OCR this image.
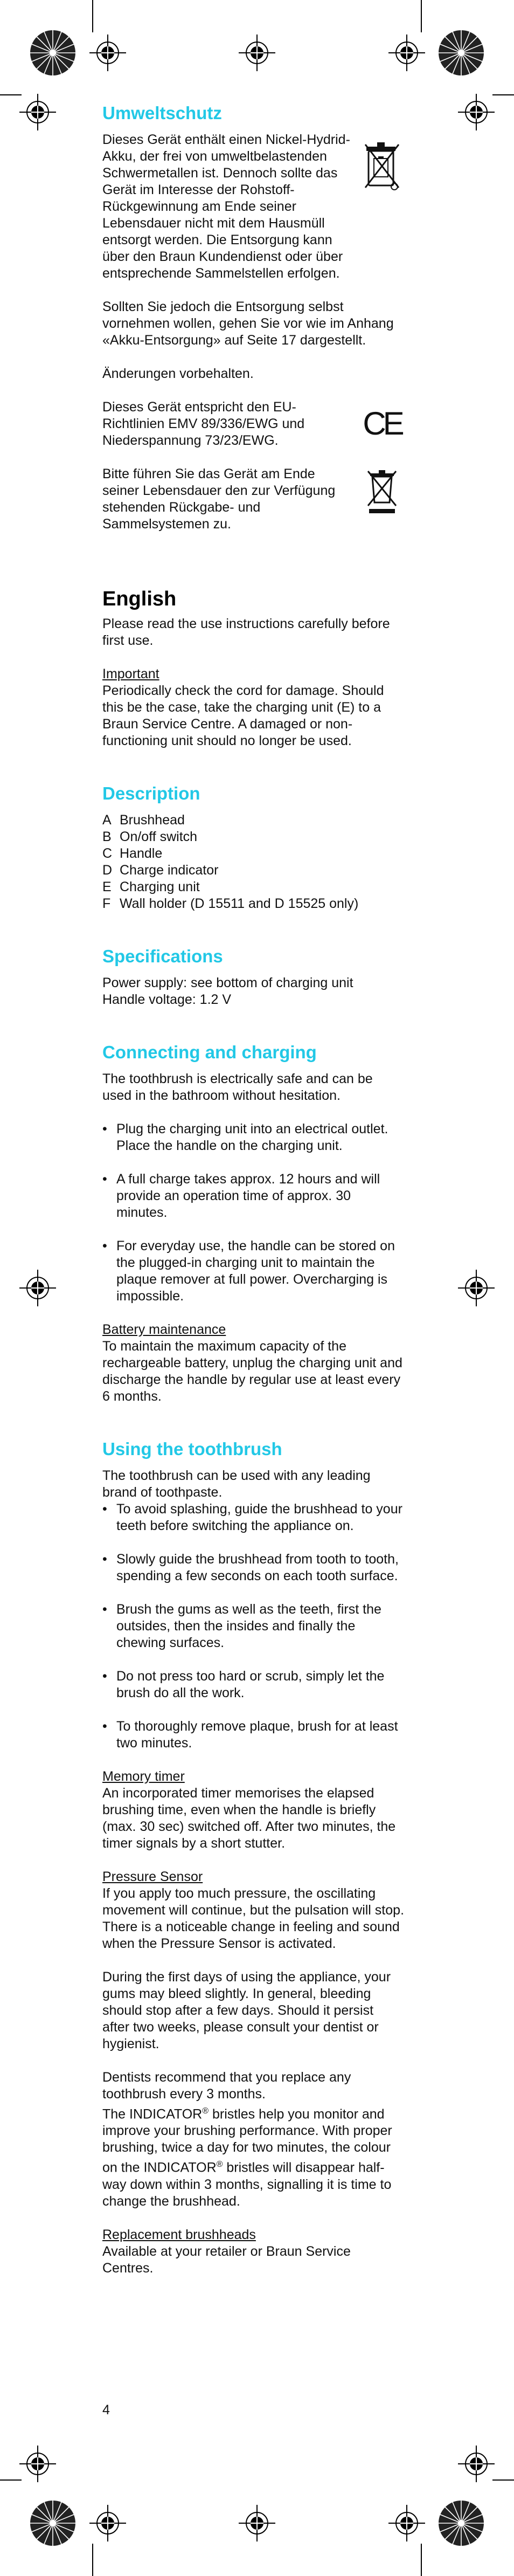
Umweltschutz

Dieses Gerät enthält einen Nickel-Hydrid-Akku, der frei von umweltbelastenden Schwermetallen ist. Dennoch sollte das Gerät im Interesse der Rohstoff-Rückgewinnung am Ende seiner Lebensdauer nicht mit dem Hausmüll entsorgt werden. Die Entsorgung kann über den Braun Kundendienst oder über entsprechende Sammelstellen erfolgen.

Sollten Sie jedoch die Entsorgung selbst vornehmen wollen, gehen Sie vor wie im Anhang «Akku-Entsorgung» auf Seite 17 dargestellt.

Änderungen vorbehalten.

Dieses Gerät entspricht den EU-Richtlinien EMV 89/336/EWG und Niederspannung 73/23/EWG.	CE

Bitte führen Sie das Gerät am Ende seiner Lebensdauer den zur Verfügung stehenden Rückgabe- und Sammelsystemen zu.

English

Please read the use instructions carefully before first use.

Important

Periodically check the cord for damage. Should this be the case, take the charging unit (E) to a Braun Service Centre. A damaged or non-functioning unit should no longer be used.

Description
A Brushhead
B On/off switch
C Handle
D Charge indicator
E Charging unit
F Wall holder (D 15511 and D 15525 only)
Specifications

Power supply: see bottom of charging unit

Handle voltage: 1.2 V

Connecting and charging

The toothbrush is electrically safe and can be used in the bathroom without hesitation.

• Plug the charging unit into an electrical outlet. Place the handle on the charging unit.
• A full charge takes approx. 12 hours and will provide an operation time of approx. 30 minutes.
• For everyday use, the handle can be stored on the plugged-in charging unit to maintain the plaque remover at full power. Overcharging is impossible.

Battery maintenance

To maintain the maximum capacity of the rechargeable battery, unplug the charging unit and discharge the handle by regular use at least every 6 months.

Using the toothbrush

The toothbrush can be used with any leading brand of toothpaste.

• To avoid splashing, guide the brushhead to your teeth before switching the appliance on.
• Slowly guide the brushhead from tooth to tooth, spending a few seconds on each tooth surface.
• Brush the gums as well as the teeth, first the outsides, then the insides and finally the chewing surfaces.
• Do not press too hard or scrub, simply let the brush do all the work.
• To thoroughly remove plaque, brush for at least two minutes.

Memory timer

An incorporated timer memorises the elapsed brushing time, even when the handle is briefly (max. 30 sec) switched off. After two minutes, the timer signals by a short stutter.

Pressure Sensor

If you apply too much pressure, the oscillating movement will continue, but the pulsation will stop. There is a noticeable change in feeling and sound when the Pressure Sensor is activated.

During the first days of using the appliance, your gums may bleed slightly. In general, bleeding should stop after a few days. Should it persist after two weeks, please consult your dentist or hygienist.

Dentists recommend that you replace any toothbrush every 3 months.

The INDICATOR® bristles help you monitor and improve your brushing performance. With proper brushing, twice a day for two minutes, the colour on the INDICATOR® bristles will disappear half-way down within 3 months, signalling it is time to change the brushhead.

Replacement brushheads

Available at your retailer or Braun Service Centres.

4
